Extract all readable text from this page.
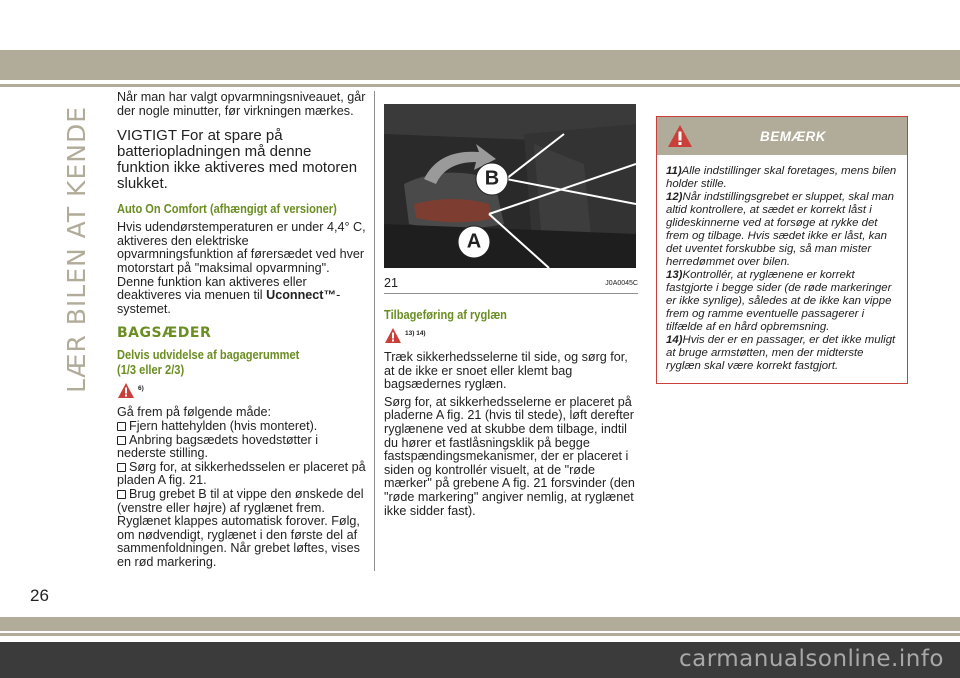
LÆR BILEN AT KENDE

Når man har valgt opvarmningsniveauet, går der nogle minutter, før virkningen mærkes.

VIGTIGT For at spare på batteriopladningen må denne funktion ikke aktiveres med motoren slukket.

Auto On Comfort (afhængigt af versioner)

Hvis udendørstemperaturen er under 4,4° C, aktiveres den elektriske opvarmningsfunktion af førersædet ved hver motorstart på "maksimal opvarmning". Denne funktion kan aktiveres eller deaktiveres via menuen til Uconnect™-systemet.

BAGSÆDER

Delvis udvidelse af bagagerummet

(1/3 eller 2/3)

6)

Gå frem på følgende måde:

Fjern hattehylden (hvis monteret).

Anbring bagsædets hovedstøtter i nederste stilling.

Sørg for, at sikkerhedsselen er placeret på pladen A fig. 21.

Brug grebet B til at vippe den ønskede del (venstre eller højre) af ryglænet frem.

Ryglænet klappes automatisk forover. Følg, om nødvendigt, ryglænet i den første del af sammenfoldningen. Når grebet løftes, vises en rød markering.

B
A
21	J0A0045C

Tilbageføring af ryglæn

13) 14)

Træk sikkerhedsselerne til side, og sørg for, at de ikke er snoet eller klemt bag bagsædernes ryglæn.

Sørg for, at sikkerhedsselerne er placeret på pladerne A fig. 21 (hvis til stede), løft derefter ryglænene ved at skubbe dem tilbage, indtil du hører et fastlåsningsklik på begge fastspændingsmekanismer, der er placeret i siden og kontrollér visuelt, at de "røde mærker" på grebene A fig. 21 forsvinder (den "røde markering" angiver nemlig, at ryglænet ikke sidder fast).

BEMÆRK

11)Alle indstillinger skal foretages, mens bilen holder stille.

12)Når indstillingsgrebet er sluppet, skal man altid kontrollere, at sædet er korrekt låst i glideskinnerne ved at forsøge at rykke det frem og tilbage. Hvis sædet ikke er låst, kan det uventet forskubbe sig, så man mister herredømmet over bilen.

13)Kontrollér, at ryglænene er korrekt fastgjorte i begge sider (de røde markeringer er ikke synlige), således at de ikke kan vippe frem og ramme eventuelle passagerer i tilfælde af en hård opbremsning.

14)Hvis der er en passager, er det ikke muligt at bruge armstøtten, men der midterste ryglæn skal være korrekt fastgjort.

26
carmanualsonline.info
